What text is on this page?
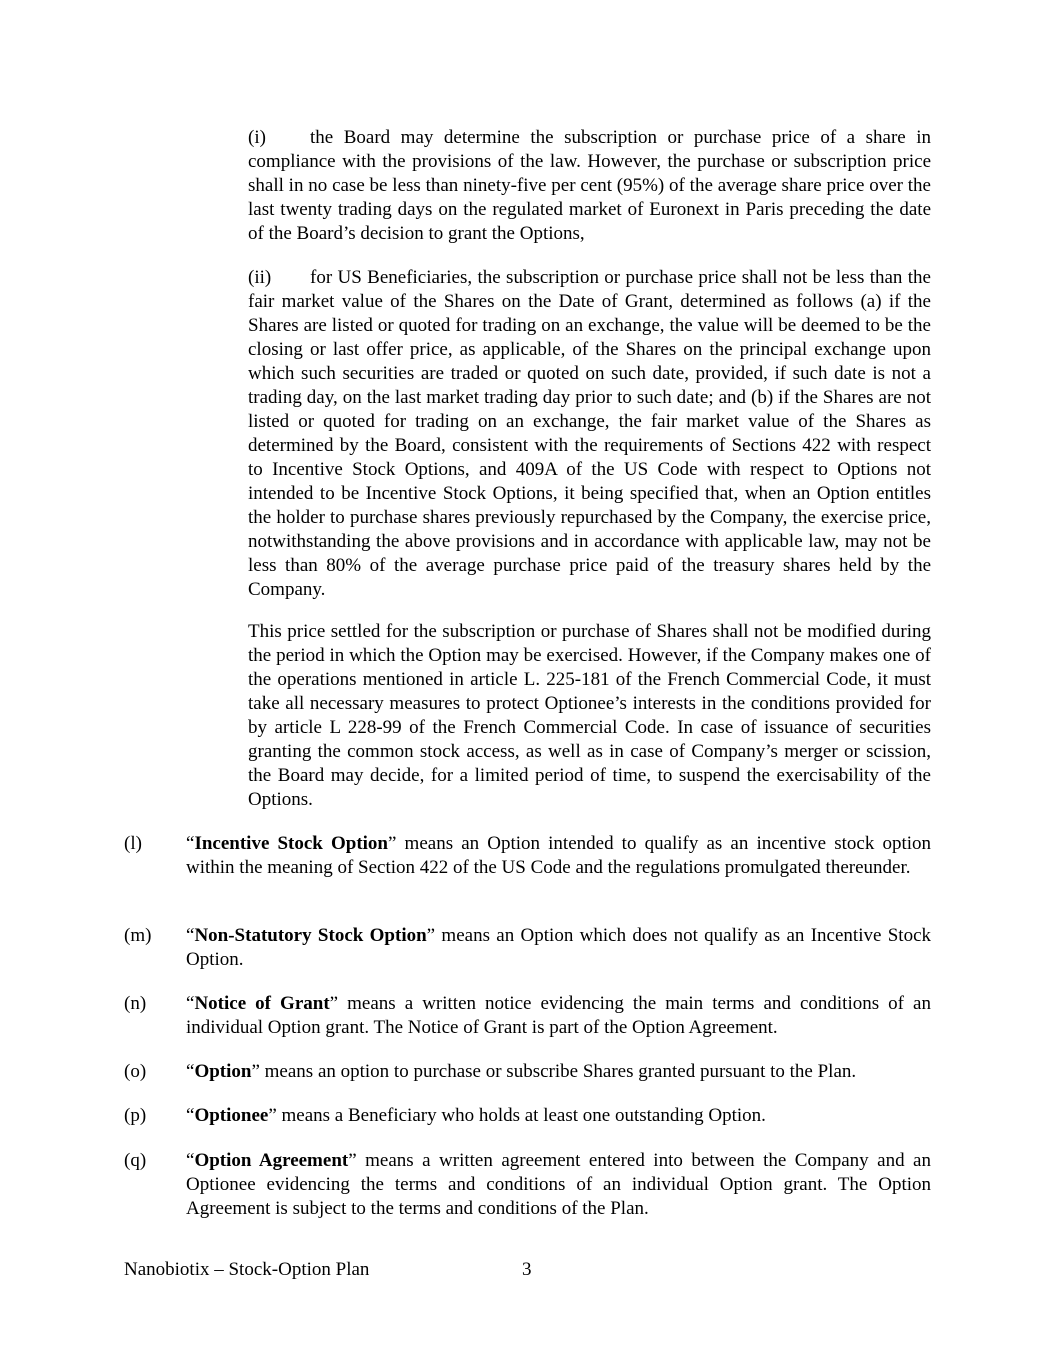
(i) the Board may determine the subscription or purchase price of a share in compliance with the provisions of the law. However, the purchase or subscription price shall in no case be less than ninety-five per cent (95%) of the average share price over the last twenty trading days on the regulated market of Euronext in Paris preceding the date of the Board’s decision to grant the Options,

(ii) for US Beneficiaries, the subscription or purchase price shall not be less than the fair market value of the Shares on the Date of Grant, determined as follows (a) if the Shares are listed or quoted for trading on an exchange, the value will be deemed to be the closing or last offer price, as applicable, of the Shares on the principal exchange upon which such securities are traded or quoted on such date, provided, if such date is not a trading day, on the last market trading day prior to such date; and (b) if the Shares are not listed or quoted for trading on an exchange, the fair market value of the Shares as determined by the Board, consistent with the requirements of Sections 422 with respect to Incentive Stock Options, and 409A of the US Code with respect to Options not intended to be Incentive Stock Options, it being specified that, when an Option entitles the holder to purchase shares previously repurchased by the Company, the exercise price, notwithstanding the above provisions and in accordance with applicable law, may not be less than 80% of the average purchase price paid of the treasury shares held by the Company.

This price settled for the subscription or purchase of Shares shall not be modified during the period in which the Option may be exercised. However, if the Company makes one of the operations mentioned in article L. 225-181 of the French Commercial Code, it must take all necessary measures to protect Optionee’s interests in the conditions provided for by article L 228-99 of the French Commercial Code. In case of issuance of securities granting the common stock access, as well as in case of Company’s merger or scission, the Board may decide, for a limited period of time, to suspend the exercisability of the Options.

(l) “Incentive Stock Option” means an Option intended to qualify as an incentive stock option within the meaning of Section 422 of the US Code and the regulations promulgated thereunder.
(m) “Non-Statutory Stock Option” means an Option which does not qualify as an Incentive Stock Option.
(n) “Notice of Grant” means a written notice evidencing the main terms and conditions of an individual Option grant. The Notice of Grant is part of the Option Agreement.
(o) “Option” means an option to purchase or subscribe Shares granted pursuant to the Plan.
(p) “Optionee” means a Beneficiary who holds at least one outstanding Option.
(q) “Option Agreement” means a written agreement entered into between the Company and an Optionee evidencing the terms and conditions of an individual Option grant. The Option Agreement is subject to the terms and conditions of the Plan.
Nanobiotix – Stock-Option Plan	3
